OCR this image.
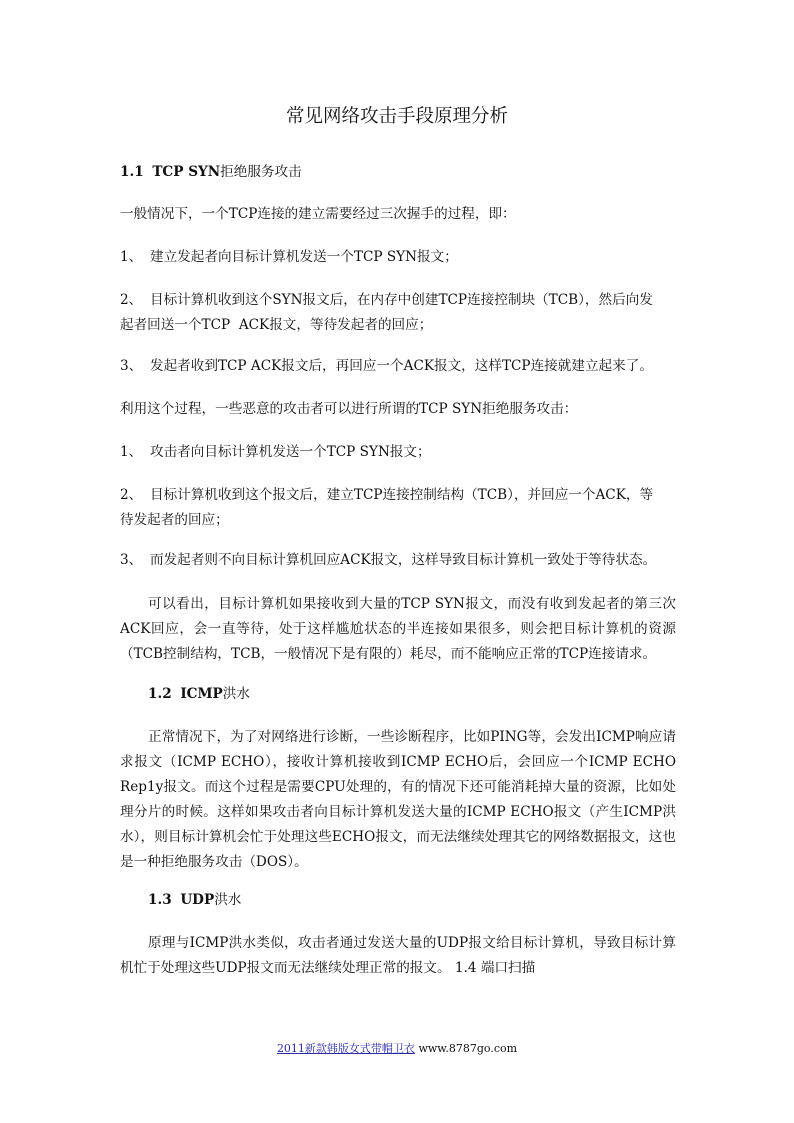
常见网络攻击手段原理分析
1.1 TCP SYN拒绝服务攻击

一般情况下，一个TCP连接的建立需要经过三次握手的过程，即：

1、 建立发起者向目标计算机发送一个TCP SYN报文；
2、 目标计算机收到这个SYN报文后，在内存中创建TCP连接控制块（TCB），然后向发
起者回送一个TCP  ACK报文，等待发起者的回应；
3、 发起者收到TCP ACK报文后，再回应一个ACK报文，这样TCP连接就建立起来了。

利用这个过程，一些恶意的攻击者可以进行所谓的TCP SYN拒绝服务攻击：

1、 攻击者向目标计算机发送一个TCP SYN报文；
2、 目标计算机收到这个报文后，建立TCP连接控制结构（TCB），并回应一个ACK，等
待发起者的回应；
3、 而发起者则不向目标计算机回应ACK报文，这样导致目标计算机一致处于等待状态。

可以看出，目标计算机如果接收到大量的TCP SYN报文，而没有收到发起者的第三次ACK回应，会一直等待，处于这样尴尬状态的半连接如果很多，则会把目标计算机的资源（TCB控制结构，TCB，一般情况下是有限的）耗尽，而不能响应正常的TCP连接请求。

1.2 ICMP洪水

正常情况下，为了对网络进行诊断，一些诊断程序，比如PING等，会发出ICMP响应请求报文（ICMP ECHO），接收计算机接收到ICMP ECHO后，会回应一个ICMP ECHO Rep1y报文。而这个过程是需要CPU处理的，有的情况下还可能消耗掉大量的资源，比如处理分片的时候。这样如果攻击者向目标计算机发送大量的ICMP ECHO报文（产生ICMP洪水），则目标计算机会忙于处理这些ECHO报文，而无法继续处理其它的网络数据报文，这也是一种拒绝服务攻击（DOS）。

1.3 UDP洪水

原理与ICMP洪水类似，攻击者通过发送大量的UDP报文给目标计算机，导致目标计算机忙于处理这些UDP报文而无法继续处理正常的报文。 1.4 端口扫描

2011新款韩版女式带帽卫衣 www.8787go.com
